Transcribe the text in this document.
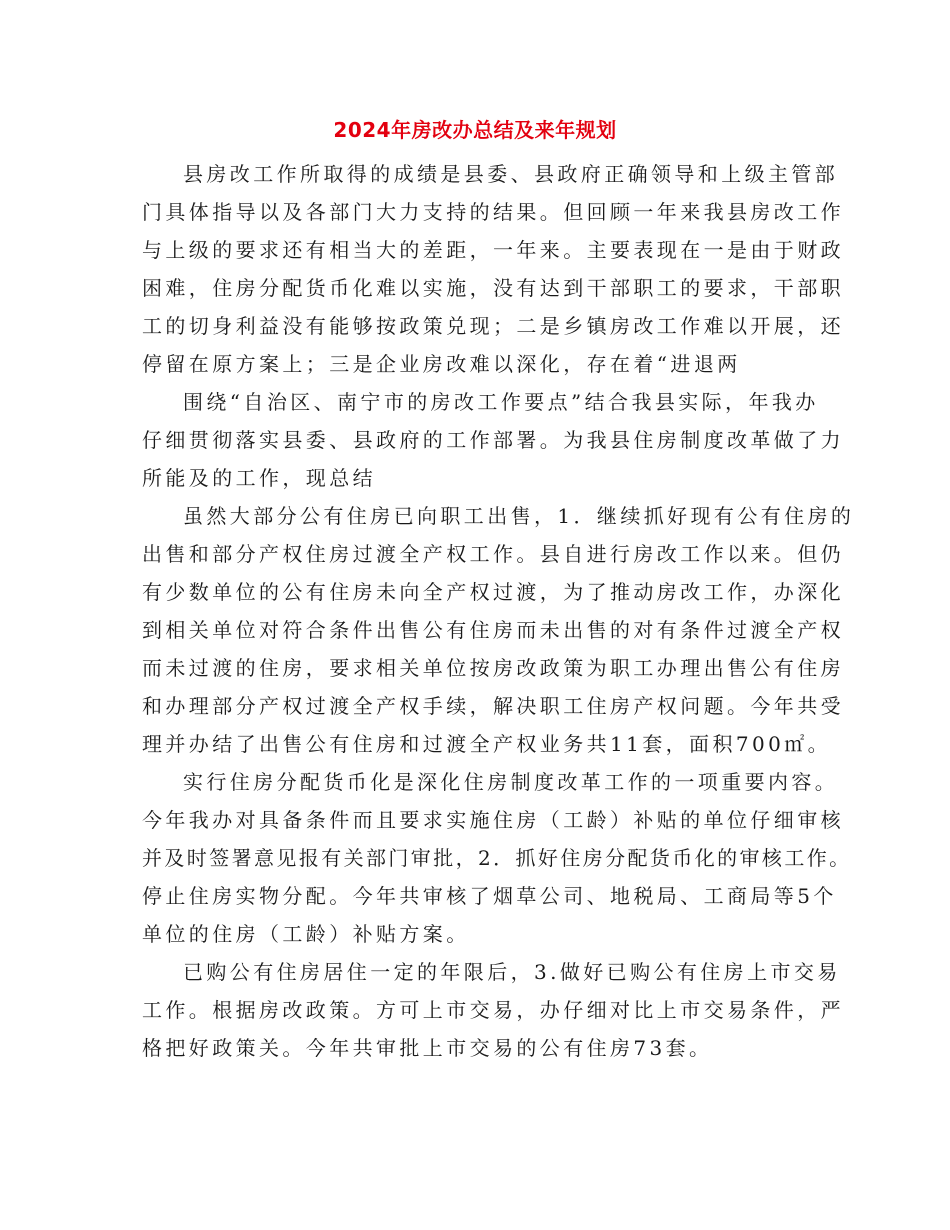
2024年房改办总结及来年规划
县房改工作所取得的成绩是县委、县政府正确领导和上级主管部
门具体指导以及各部门大力支持的结果。但回顾一年来我县房改工作
与上级的要求还有相当大的差距，一年来。主要表现在一是由于财政
困难，住房分配货币化难以实施，没有达到干部职工的要求，干部职
工的切身利益没有能够按政策兑现；二是乡镇房改工作难以开展，还
停留在原方案上；三是企业房改难以深化，存在着“进退两
围绕“自治区、南宁市的房改工作要点”结合我县实际，年我办
仔细贯彻落实县委、县政府的工作部署。为我县住房制度改革做了力
所能及的工作，现总结
虽然大部分公有住房已向职工出售，1．继续抓好现有公有住房的
出售和部分产权住房过渡全产权工作。县自进行房改工作以来。但仍
有少数单位的公有住房未向全产权过渡，为了推动房改工作，办深化
到相关单位对符合条件出售公有住房而未出售的对有条件过渡全产权
而未过渡的住房，要求相关单位按房改政策为职工办理出售公有住房
和办理部分产权过渡全产权手续，解决职工住房产权问题。今年共受
理并办结了出售公有住房和过渡全产权业务共11套，面积700㎡。
实行住房分配货币化是深化住房制度改革工作的一项重要内容。
今年我办对具备条件而且要求实施住房（工龄）补贴的单位仔细审核
并及时签署意见报有关部门审批，2．抓好住房分配货币化的审核工作。
停止住房实物分配。今年共审核了烟草公司、地税局、工商局等5个
单位的住房（工龄）补贴方案。
已购公有住房居住一定的年限后，3.做好已购公有住房上市交易
工作。根据房改政策。方可上市交易，办仔细对比上市交易条件，严
格把好政策关。今年共审批上市交易的公有住房73套。
